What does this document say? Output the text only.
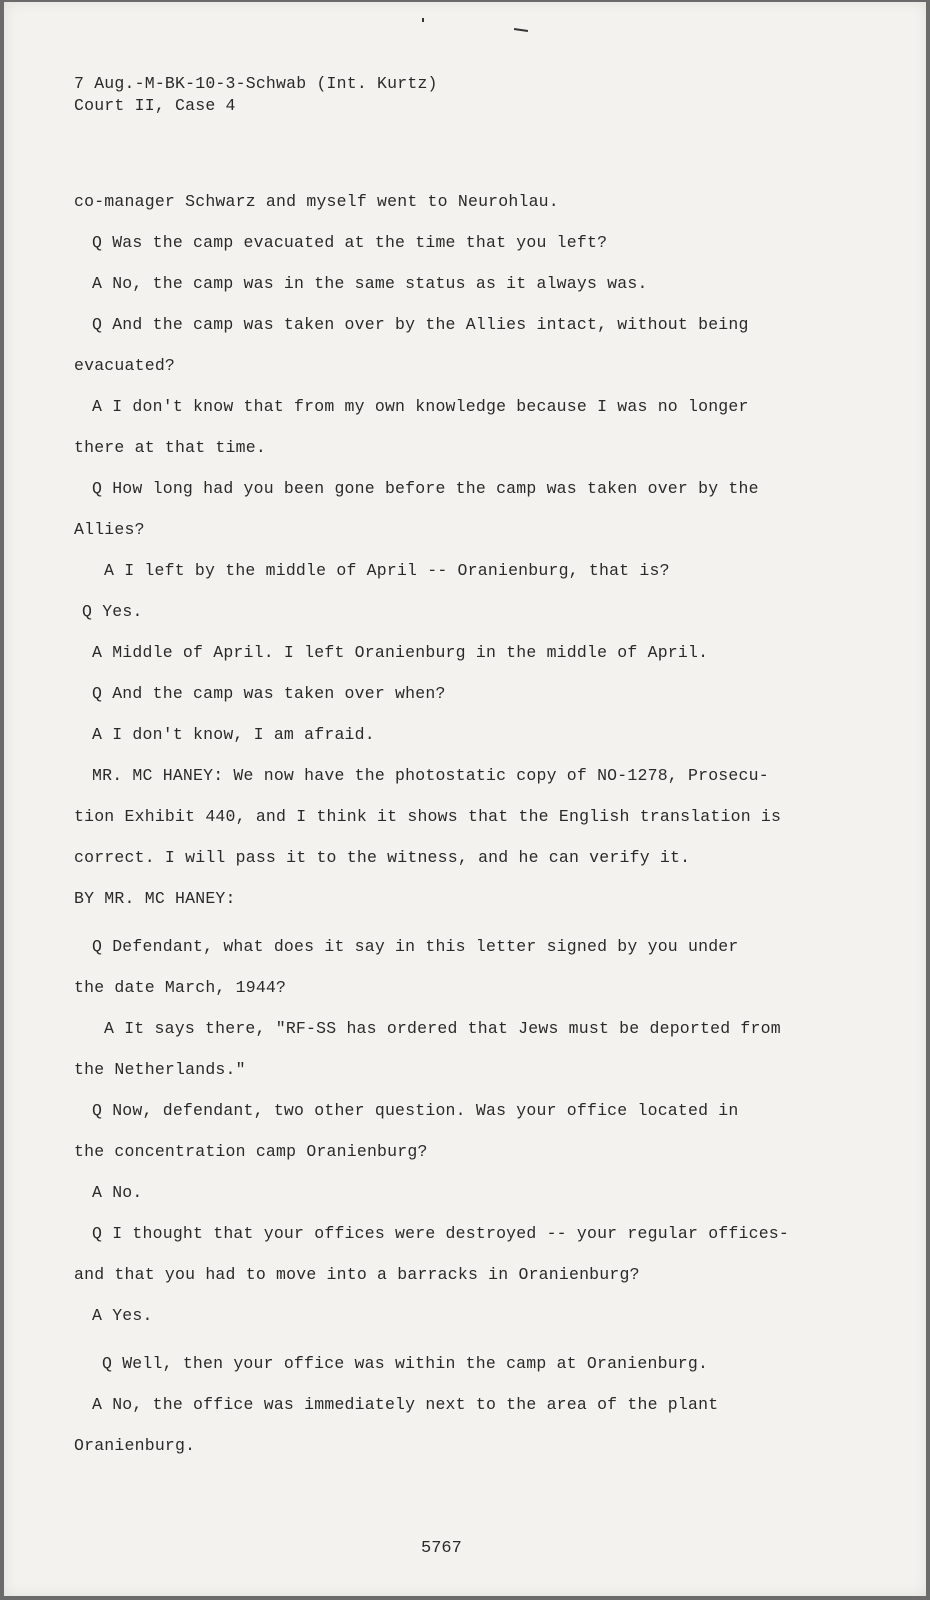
7 Aug.-M-BK-10-3-Schwab (Int. Kurtz)
Court II, Case 4
co-manager Schwarz and myself went to Neurohlau.
Q Was the camp evacuated at the time that you left?
A No, the camp was in the same status as it always was.
Q And the camp was taken over by the Allies intact, without being
evacuated?
A I don't know that from my own knowledge because I was no longer
there at that time.
Q How long had you been gone before the camp was taken over by the
Allies?
A I left by the middle of April -- Oranienburg, that is?
Q Yes.
A Middle of April. I left Oranienburg in the middle of April.
Q And the camp was taken over when?
A I don't know, I am afraid.
MR. MC HANEY: We now have the photostatic copy of NO-1278, Prosecu-
tion Exhibit 440, and I think it shows that the English translation is
correct. I will pass it to the witness, and he can verify it.
BY MR. MC HANEY:
Q Defendant, what does it say in this letter signed by you under
the date March, 1944?
A It says there, "RF-SS has ordered that Jews must be deported from
the Netherlands."
Q Now, defendant, two other question. Was your office located in
the concentration camp Oranienburg?
A No.
Q I thought that your offices were destroyed -- your regular offices-
and that you had to move into a barracks in Oranienburg?
A Yes.
Q Well, then your office was within the camp at Oranienburg.
A No, the office was immediately next to the area of the plant
Oranienburg.
5767
